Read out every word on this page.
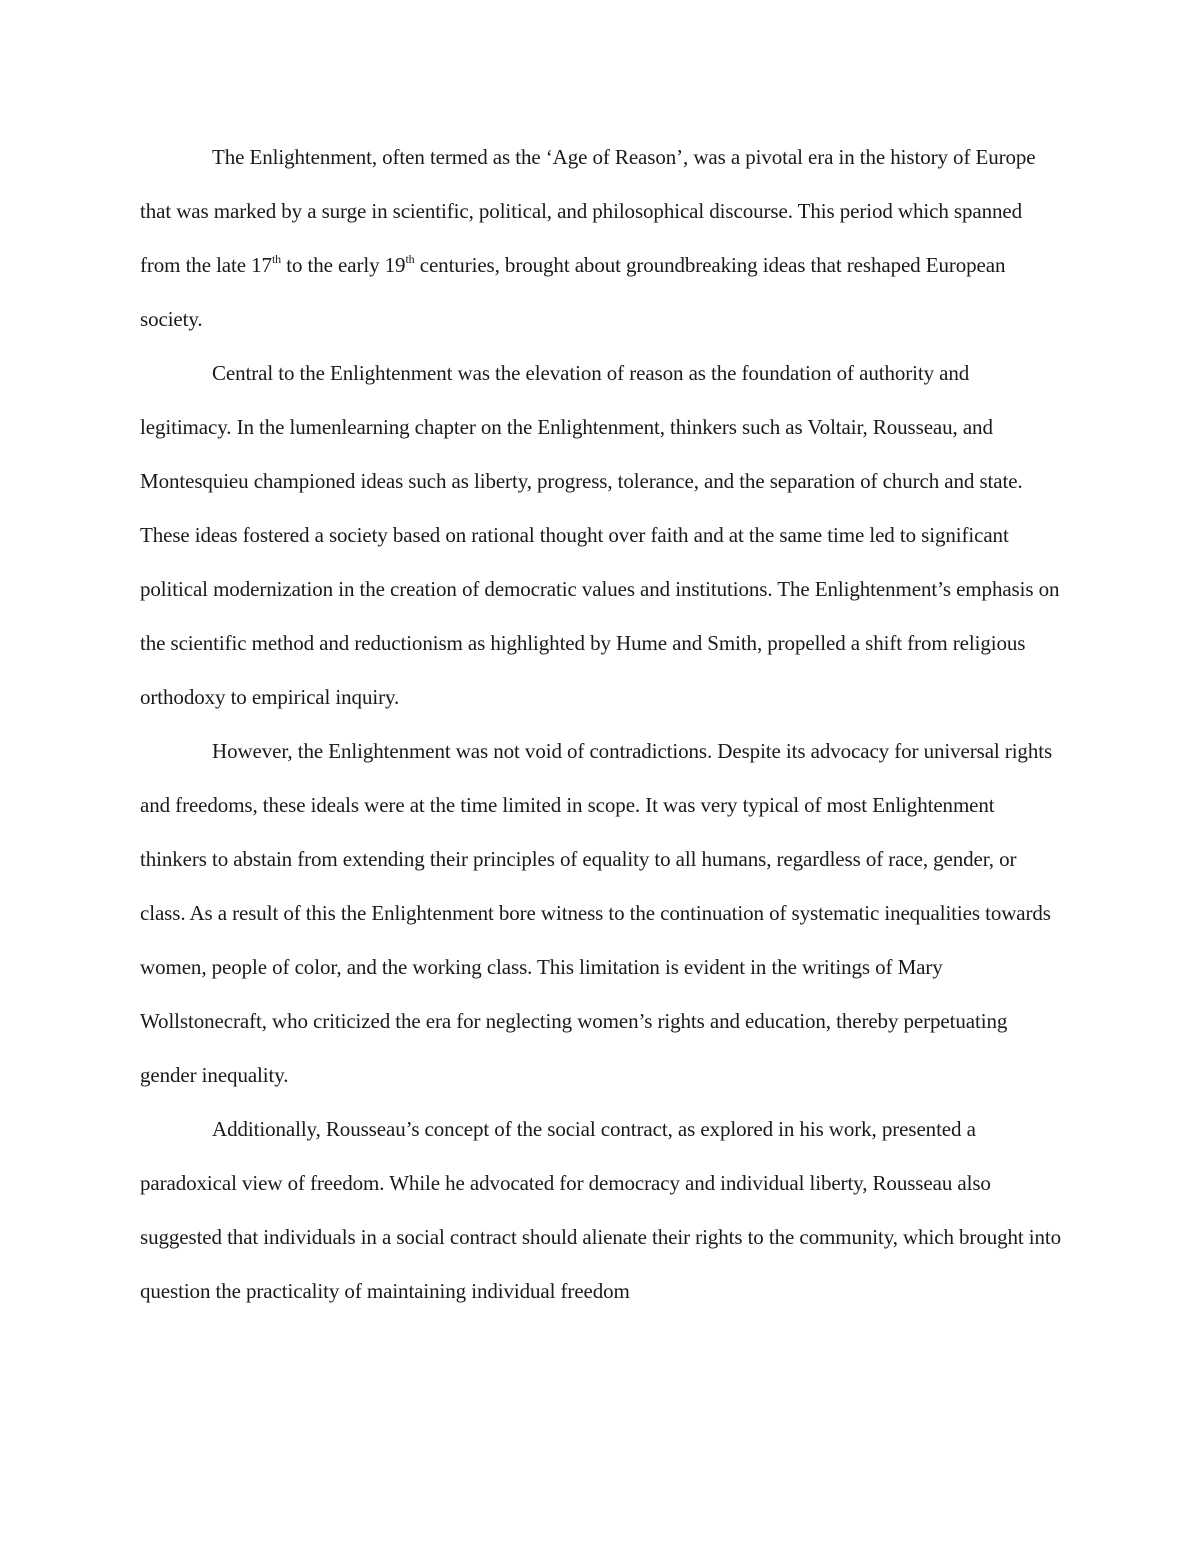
The Enlightenment, often termed as the ‘Age of Reason’, was a pivotal era in the history of Europe that was marked by a surge in scientific, political, and philosophical discourse. This period which spanned from the late 17th to the early 19th centuries, brought about groundbreaking ideas that reshaped European society.

Central to the Enlightenment was the elevation of reason as the foundation of authority and legitimacy. In the lumenlearning chapter on the Enlightenment, thinkers such as Voltair, Rousseau, and Montesquieu championed ideas such as liberty, progress, tolerance, and the separation of church and state. These ideas fostered a society based on rational thought over faith and at the same time led to significant political modernization in the creation of democratic values and institutions. The Enlightenment’s emphasis on the scientific method and reductionism as highlighted by Hume and Smith, propelled a shift from religious orthodoxy to empirical inquiry.

However, the Enlightenment was not void of contradictions. Despite its advocacy for universal rights and freedoms, these ideals were at the time limited in scope. It was very typical of most Enlightenment thinkers to abstain from extending their principles of equality to all humans, regardless of race, gender, or class. As a result of this the Enlightenment bore witness to the continuation of systematic inequalities towards women, people of color, and the working class. This limitation is evident in the writings of Mary Wollstonecraft, who criticized the era for neglecting women’s rights and education, thereby perpetuating gender inequality.

Additionally, Rousseau’s concept of the social contract, as explored in his work, presented a paradoxical view of freedom. While he advocated for democracy and individual liberty, Rousseau also suggested that individuals in a social contract should alienate their rights to the community, which brought into question the practicality of maintaining individual freedom
